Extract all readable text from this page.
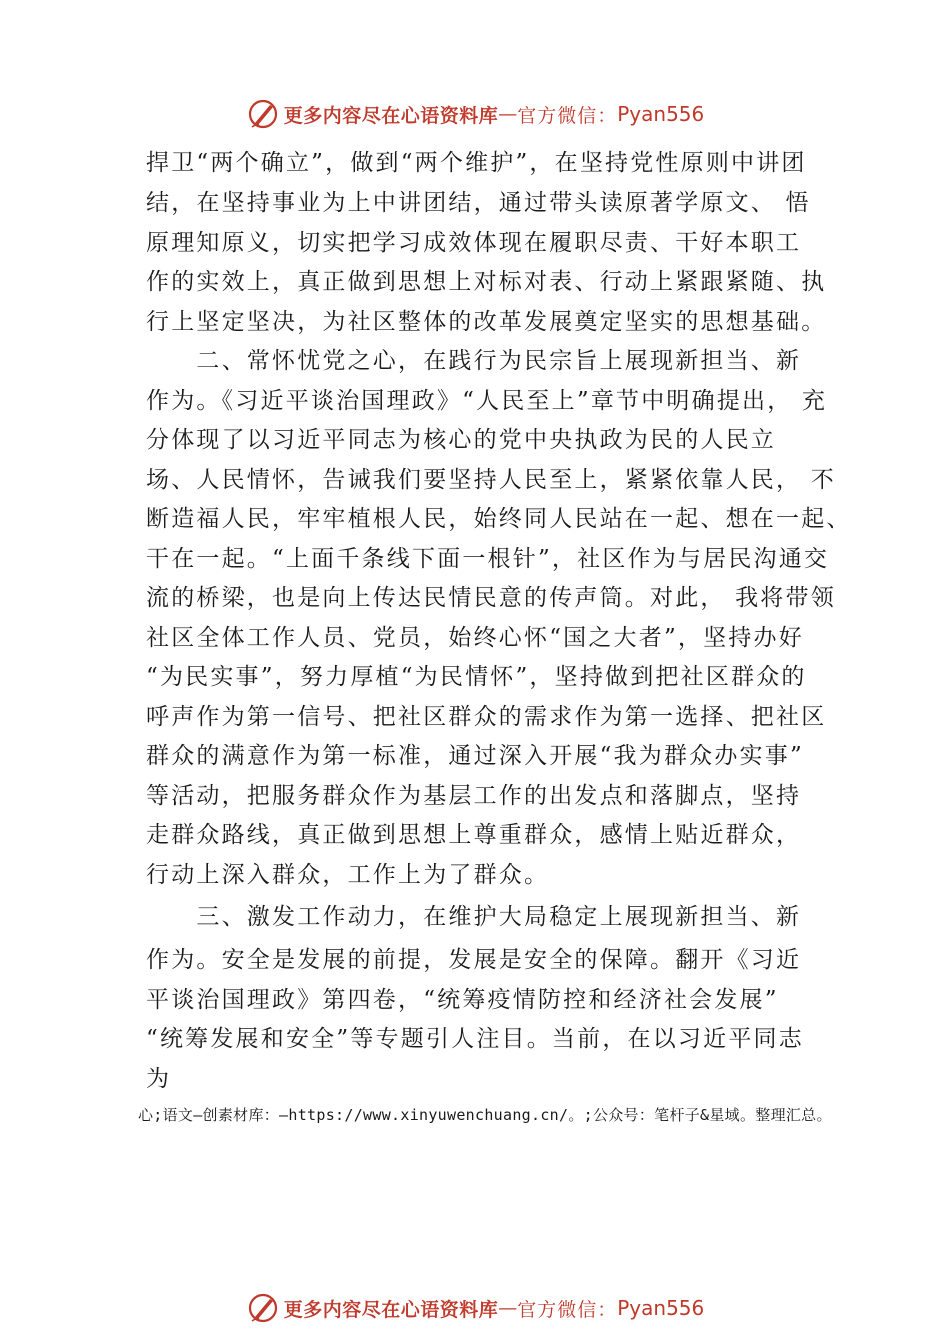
更多内容尽在心语资料库 — 官方微信： Pyan556
捍卫“两个确立”，做到“两个维护”，在坚持党性原则中讲团
结，在坚持事业为上中讲团结，通过带头读原著学原文、 悟
原理知原义，切实把学习成效体现在履职尽责、干好本职工
作的实效上，真正做到思想上对标对表、行动上紧跟紧随、执
行上坚定坚决，为社区整体的改革发展奠定坚实的思想基础。
　　二、常怀忧党之心，在践行为民宗旨上展现新担当、新
作为。《习近平谈治国理政》“人民至上”章节中明确提出， 充
分体现了以习近平同志为核心的党中央执政为民的人民立
场、人民情怀，告诫我们要坚持人民至上，紧紧依靠人民， 不
断造福人民，牢牢植根人民，始终同人民站在一起、想在一起、
干在一起。“上面千条线下面一根针”，社区作为与居民沟通交
流的桥梁，也是向上传达民情民意的传声筒。对此， 我将带领
社区全体工作人员、党员，始终心怀“国之大者”，坚持办好
“为民实事”，努力厚植“为民情怀”，坚持做到把社区群众的
呼声作为第一信号、把社区群众的需求作为第一选择、把社区
群众的满意作为第一标准，通过深入开展“我为群众办实事”
等活动，把服务群众作为基层工作的出发点和落脚点，坚持
走群众路线，真正做到思想上尊重群众，感情上贴近群众，
行动上深入群众，工作上为了群众。
　　三、激发工作动力，在维护大局稳定上展现新担当、新
作为。安全是发展的前提，发展是安全的保障。翻开《习近
平谈治国理政》第四卷，“统筹疫情防控和经济社会发展”
“统筹发展和安全”等专题引人注目。当前，在以习近平同志
为
心;语文—创素材库：—https://www.xinyuwenchuang.cn/。;公众号：笔杆子&星域。整理汇总。
更多内容尽在心语资料库 — 官方微信： Pyan556
